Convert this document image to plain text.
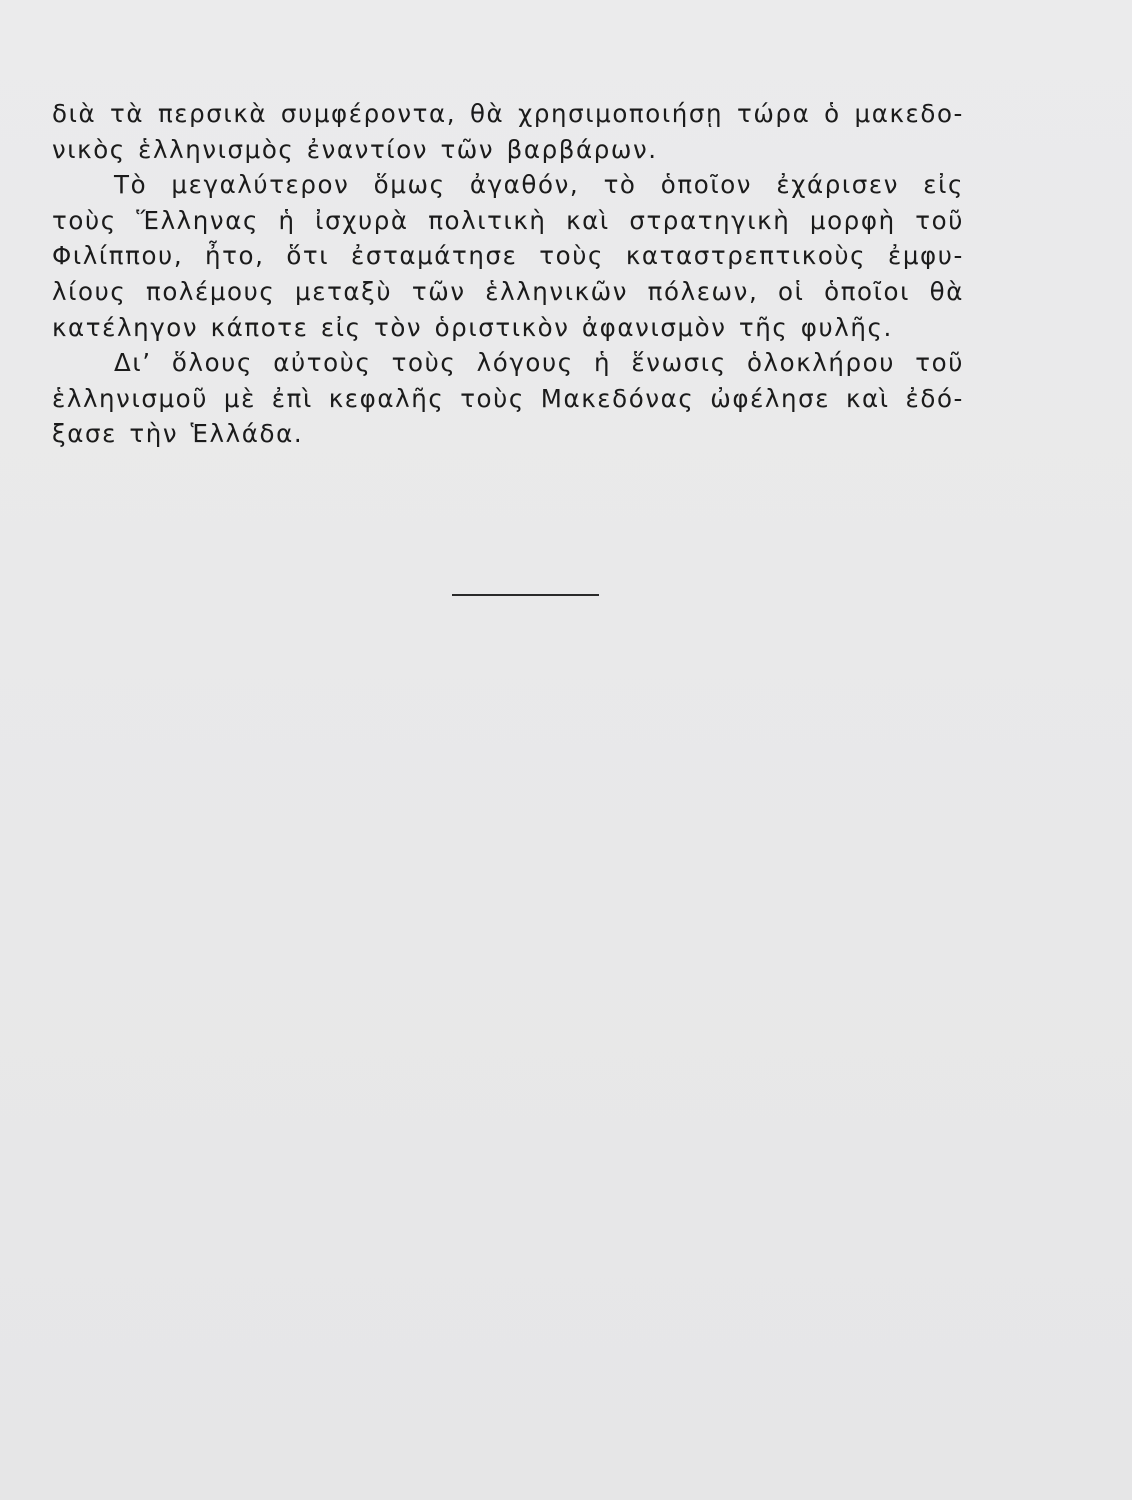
διὰ τὰ περσικὰ συμφέροντα, θὰ χρησιμοποιήσῃ τώρα ὁ μακεδο-
νικὸς ἑλληνισμὸς ἐναντίον τῶν βαρβάρων.
Τὸ μεγαλύτερον ὅμως ἀγαθόν, τὸ ὁποῖον ἐχάρισεν εἰς
τοὺς Ἕλληνας ἡ ἰσχυρὰ πολιτικὴ καὶ στρατηγικὴ μορφὴ τοῦ
Φιλίππου, ἦτο, ὅτι ἐσταμάτησε τοὺς καταστρεπτικοὺς ἐμφυ-
λίους πολέμους μεταξὺ τῶν ἑλληνικῶν πόλεων, οἱ ὁποῖοι θὰ
κατέληγον κάποτε εἰς τὸν ὁριστικὸν ἀφανισμὸν τῆς φυλῆς.
Δι’ ὅλους αὐτοὺς τοὺς λόγους ἡ ἕνωσις ὁλοκλήρου τοῦ
ἑλληνισμοῦ μὲ ἐπὶ κεφαλῆς τοὺς Μακεδόνας ὠφέλησε καὶ ἐδό-
ξασε τὴν Ἑλλάδα.
